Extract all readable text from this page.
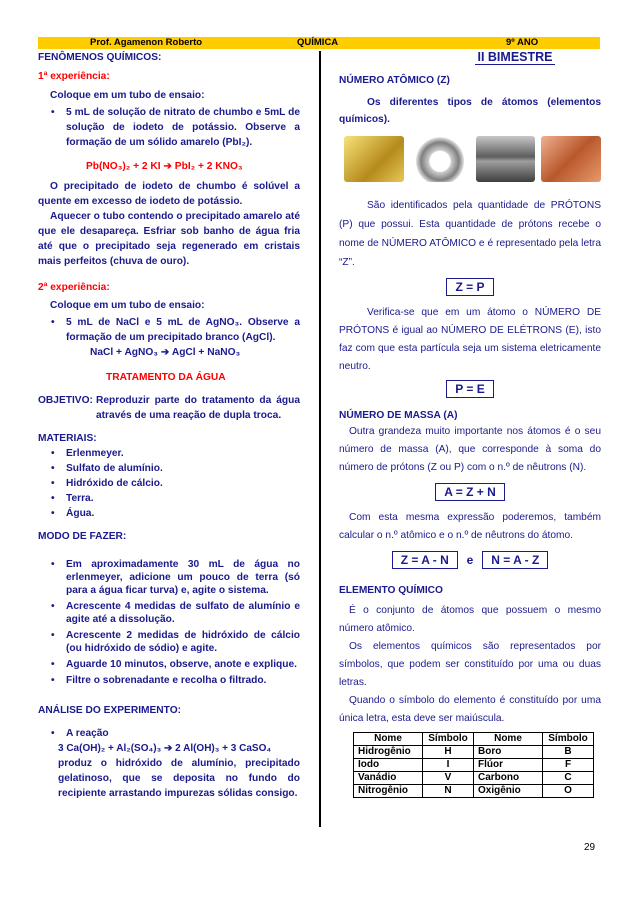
Prof. Agamenon Roberto	QUÍMICA	9º ANO

FENÔMENOS QUÍMICOS:

1ª experiência:

Coloque em um tubo de ensaio:

• 5 mL de solução de nitrato de chumbo e 5mL de solução de iodeto de potássio. Observe a formação de um sólido amarelo (PbI₂).

Pb(NO₃)₂ + 2 KI ➔ PbI₂ + 2 KNO₃

O precipitado de iodeto de chumbo é solúvel a quente em excesso de iodeto de potássio.

Aquecer o tubo contendo o precipitado amarelo até que ele desapareça. Esfriar sob banho de água fria até que o precipitado seja regenerado em cristais mais perfeitos (chuva de ouro).

2ª experiência:

Coloque em um tubo de ensaio:

• 5 mL de NaCl e 5 mL de AgNO₃. Observe a formação de um precipitado branco (AgCl).

NaCl + AgNO₃ ➔ AgCl + NaNO₃

TRATAMENTO DA ÁGUA

OBJETIVO: Reproduzir parte do tratamento da água através de uma reação de dupla troca.

MATERIAIS:

• Erlenmeyer.
• Sulfato de alumínio.
• Hidróxido de cálcio.
• Terra.
• Água.

MODO DE FAZER:

• Em aproximadamente 30 mL de água no erlenmeyer, adicione um pouco de terra (só para a água ficar turva) e, agite o sistema.
• Acrescente 4 medidas de sulfato de alumínio e agite até a dissolução.
• Acrescente 2 medidas de hidróxido de cálcio (ou hidróxido de sódio) e agite.
• Aguarde 10 minutos, observe, anote e explique.
• Filtre o sobrenadante e recolha o filtrado.

ANÁLISE DO EXPERIMENTO:

• A reação

3 Ca(OH)₂ + Al₂(SO₄)₃ ➔ 2 Al(OH)₃ + 3 CaSO₄

produz o hidróxido de alumínio, precipitado gelatinoso, que se deposita no fundo do recipiente arrastando impurezas sólidas consigo.

II BIMESTRE

NÚMERO ATÔMICO (Z)

Os diferentes tipos de átomos (elementos químicos).

São identificados pela quantidade de PRÓTONS (P) que possui. Esta quantidade de prótons recebe o nome de NÚMERO ATÔMICO e é representado pela letra “Z”.

Z = P

Verifica-se que em um átomo o NÚMERO DE PRÓTONS é igual ao NÚMERO DE ELÉTRONS (E), isto faz com que esta partícula seja um sistema eletricamente neutro.

P = E

NÚMERO DE MASSA (A)

Outra grandeza muito importante nos átomos é o seu número de massa (A), que corresponde à soma do número de prótons (Z ou P) com o n.º de nêutrons (N).

A = Z + N

Com esta mesma expressão poderemos, também calcular o n.º atômico e o n.º de nêutrons do átomo.

Z = A - N e N = A - Z

ELEMENTO QUÍMICO

É o conjunto de átomos que possuem o mesmo número atômico.

Os elementos químicos são representados por símbolos, que podem ser constituído por uma ou duas letras.

Quando o símbolo do elemento é constituído por uma única letra, esta deve ser maiúscula.

Nome	Símbolo	Nome	Símbolo
Hidrogênio	H	Boro	B
Iodo	I	Flúor	F
Vanádio	V	Carbono	C
Nitrogênio	N	Oxigênio	O
29
